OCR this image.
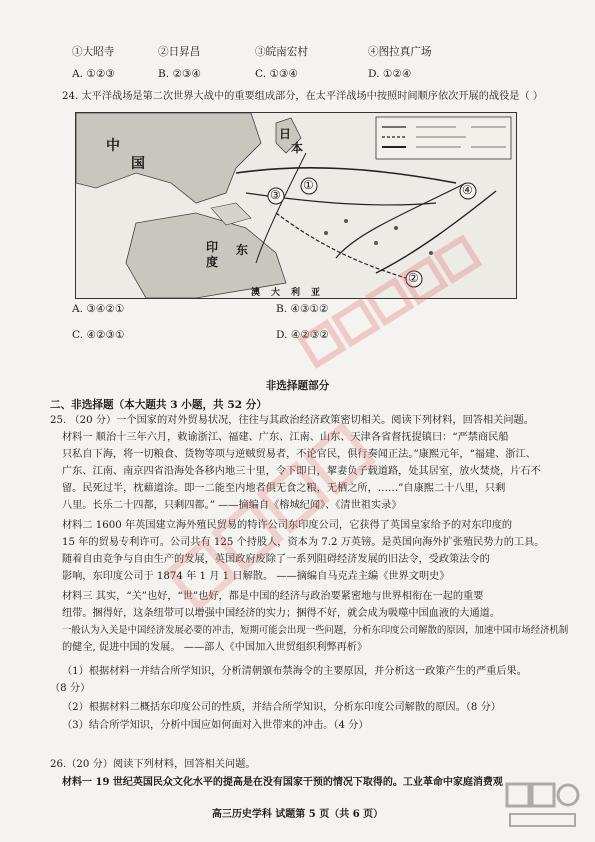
①大昭寺	②日昇昌	③皖南宏村	④图拉真广场
A. ①②③	B. ②③④	C. ①③④	D. ①②④
24. 太平洋战场是第二次世界大战中的重要组成部分，在太平洋战场中按照时间顺序依次开展的战役是（ ）
中
国
日
本
印
度
东
澳 大 利 亚
①
②
③	④
A. ③④②①	B. ④③①②
C. ④②③①	D. ④②③②
非选择题部分
二、非选择题（本大题共 3 小题，共 52 分）
25. （20 分）一个国家的对外贸易状况，往往与其政治经济政策密切相关。阅读下列材料，回答相关问题。
材料一 顺治十三年六月，敕谕浙江、福建、广东、江南、山东、天津各省督抚提镇曰：“严禁商民船
只私自下海，将一切粮食、货物等项与逆贼贸易者，不论官民，俱行奏闻正法。”康熙元年，“福建、浙江、
广东、江南、南京四省沿海处各移内地三十里，令下即日，挈妻负子载道路，处其居室，放火焚烧，片石不
留。民死过半，枕藉道涂。即一二能至内地者俱无食之粮，无栖之所，……”自康熙二十八里，只剩
八里。长乐二十四都，只剩四都。” ——摘编自《榕城纪闻》、《清世祖实录》
材料二 1600 年英国建立海外殖民贸易的特许公司东印度公司，它获得了英国皇家给予的对东印度的
15 年的贸易专利许可。公司共有 125 个持股人，资本为 7.2 万英镑。是英国向海外扩张殖民势力的工具。
随着自由竞争与自由生产的发展，英国政府废除了一系列阻碍经济发展的旧法令，受政策法令的
影响，东印度公司于 1874 年 1 月 1 日解散。 ——摘编自马克垚主编《世界文明史》
材料三 其实，“关”也好，“世”也好，都是中国的经济与政治要紧密地与世界相衔在一起的重要
纽带。捆得好，这条纽带可以增强中国经济的实力；捆得不好，就会成为吸噬中国血液的大通道。
一般认为入关是中国经济发展必要的冲击，短期可能会出现一些问题，分析东印度公司解散的原因，加速中国市场经济机制
的健全, 促进中国的发展。 ——部人《中国加入世贸组织利弊再析》
（1）根据材料一并结合所学知识，分析清朝颁布禁海令的主要原因，并分析这一政策产生的严重后果。
（8 分）
（2）根据材料二概括东印度公司的性质，并结合所学知识，分析东印度公司解散的原因。（8 分）
（3）结合所学知识，分析中国应如何面对入世带来的冲击。（4 分）
26.（20 分）阅读下列材料，回答相关问题。
材料一 19 世纪英国民众文化水平的提高是在没有国家干预的情况下取得的。工业革命中家庭消费观
高三历史学科 试题第 5 页（共 6 页）
